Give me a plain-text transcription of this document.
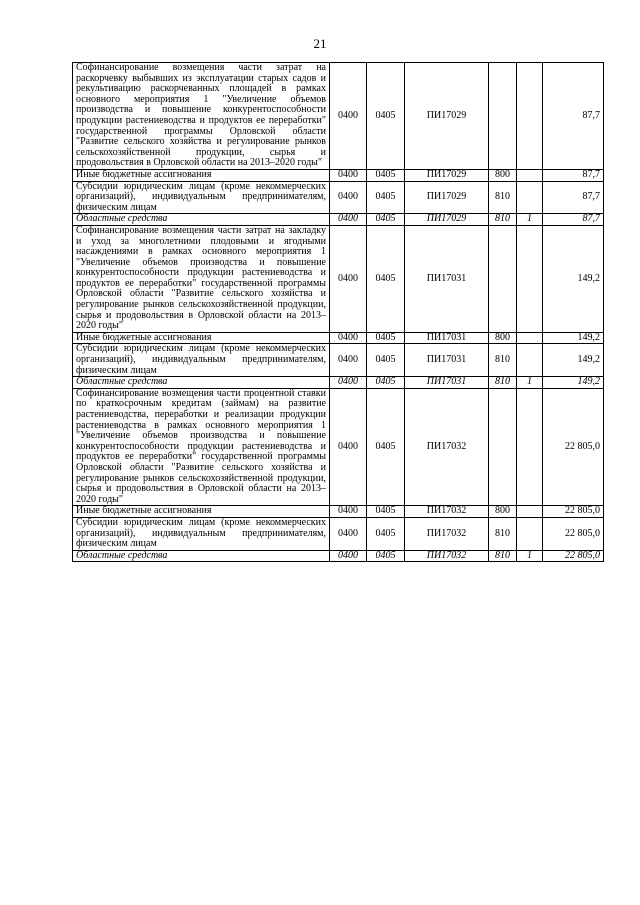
21
Софинансирование возмещения части затрат на раскорчевку выбывших из эксплуатации старых садов и рекультивацию раскорчеванных площадей в рамках основного мероприятия 1 "Увеличение объемов производства и повышение конкурентоспособности продукции растениеводства и продуктов ее переработки" государственной программы Орловской области "Развитие сельского хозяйства и регулирование рынков сельскохозяйственной продукции, сырья и продовольствия в Орловской области на 2013–2020 годы"	0400	0405	ПИ17029			87,7
Иные бюджетные ассигнования	0400	0405	ПИ17029	800		87,7
Субсидии юридическим лицам (кроме некоммерческих организаций), индивидуальным предпринимателям, физическим лицам	0400	0405	ПИ17029	810		87,7
Областные средства	0400	0405	ПИ17029	810	1	87,7
Софинансирование возмещения части затрат на закладку и уход за многолетними плодовыми и ягодными насаждениями в рамках основного мероприятия 1 "Увеличение объемов производства и повышение конкурентоспособности продукции растениеводства и продуктов ее переработки" государственной программы Орловской области "Развитие сельского хозяйства и регулирование рынков сельскохозяйственной продукции, сырья и продовольствия в Орловской области на 2013–2020 годы"	0400	0405	ПИ17031			149,2
Иные бюджетные ассигнования	0400	0405	ПИ17031	800		149,2
Субсидии юридическим лицам (кроме некоммерческих организаций), индивидуальным предпринимателям, физическим лицам	0400	0405	ПИ17031	810		149,2
Областные средства	0400	0405	ПИ17031	810	1	149,2
Софинансирование возмещения части процентной ставки по краткосрочным кредитам (займам) на развитие растениеводства, переработки и реализации продукции растениеводства в рамках основного мероприятия 1 "Увеличение объемов производства и повышение конкурентоспособности продукции растениеводства и продуктов ее переработки" государственной программы Орловской области "Развитие сельского хозяйства и регулирование рынков сельскохозяйственной продукции, сырья и продовольствия в Орловской области на 2013–2020 годы"	0400	0405	ПИ17032			22 805,0
Иные бюджетные ассигнования	0400	0405	ПИ17032	800		22 805,0
Субсидии юридическим лицам (кроме некоммерческих организаций), индивидуальным предпринимателям, физическим лицам	0400	0405	ПИ17032	810		22 805,0
Областные средства	0400	0405	ПИ17032	810	1	22 805,0
